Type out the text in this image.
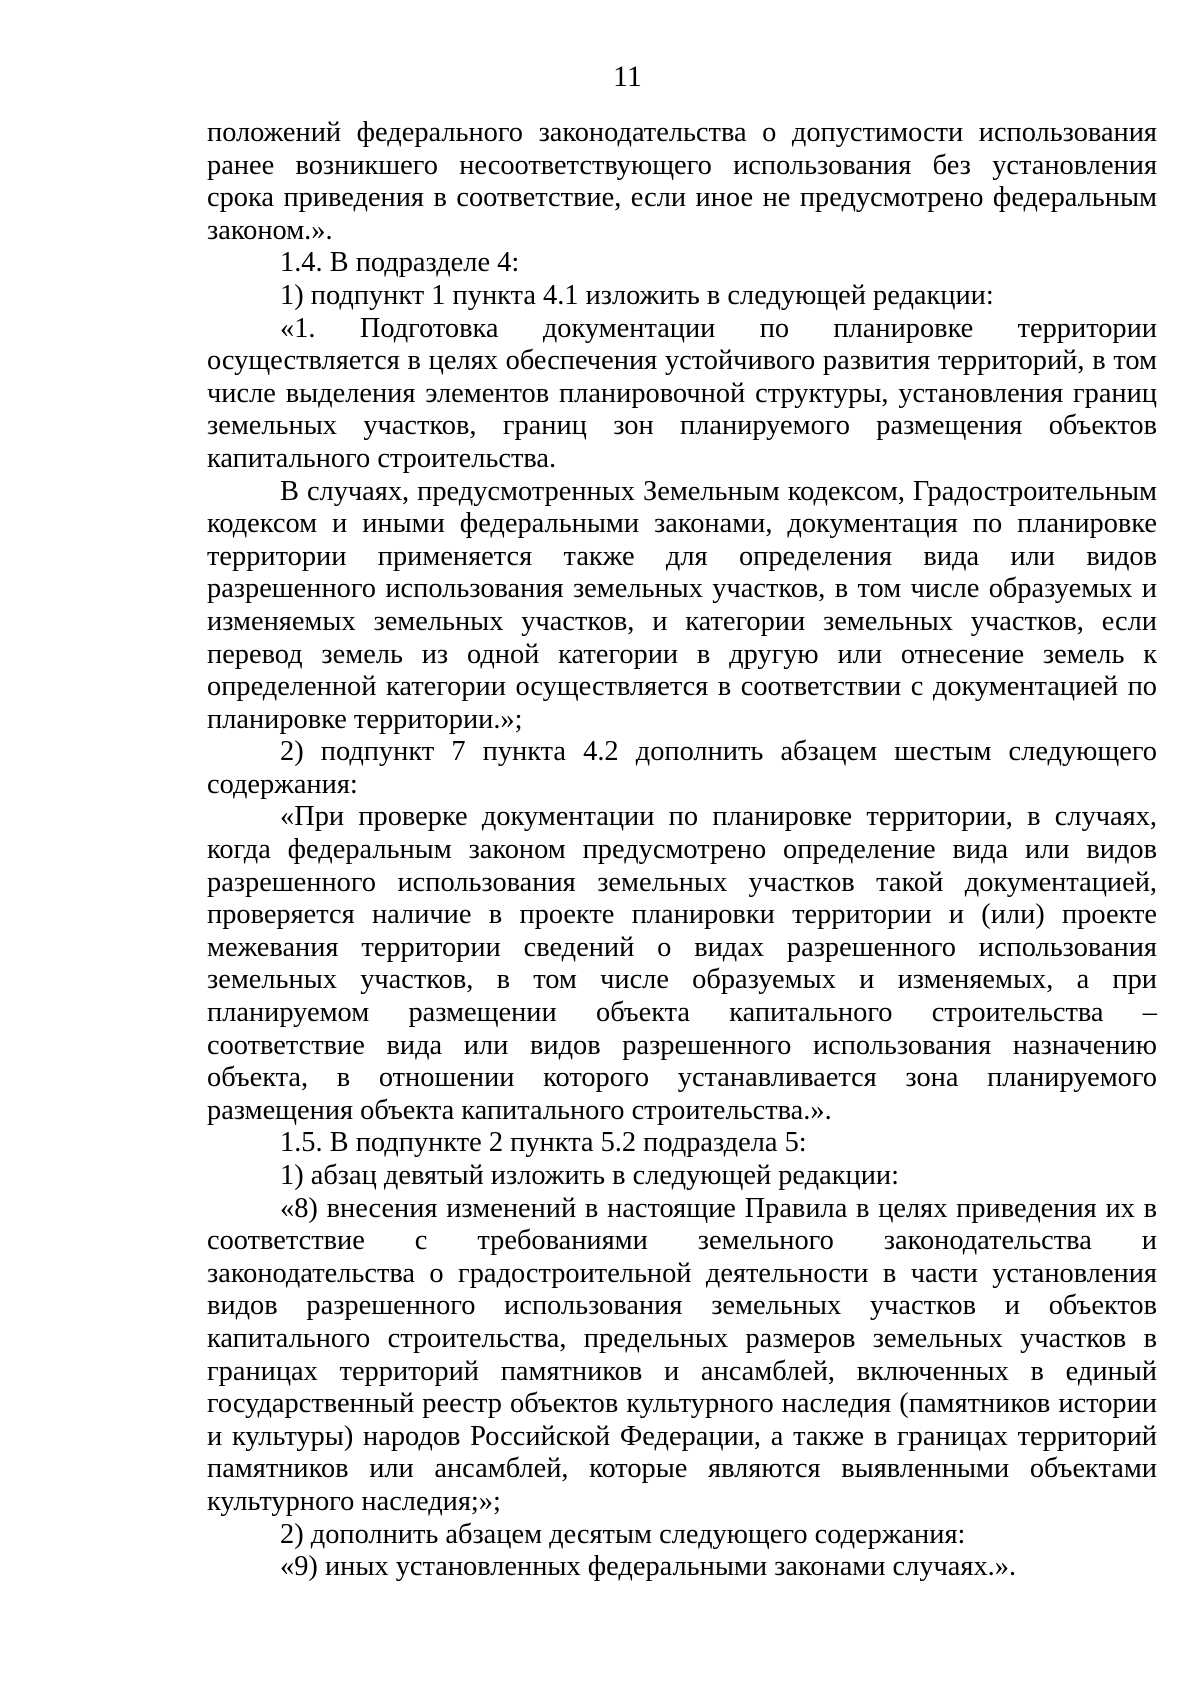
11

положений федерального законодательства о допустимости использования ранее возникшего несоответствующего использования без установления срока приведения в соответствие, если иное не предусмотрено федеральным законом.».

1.4. В подразделе 4:

1) подпункт 1 пункта 4.1 изложить в следующей редакции:

«1. Подготовка документации по планировке территории осуществляется в целях обеспечения устойчивого развития территорий, в том числе выделения элементов планировочной структуры, установления границ земельных участков, границ зон планируемого размещения объектов капитального строительства.

В случаях, предусмотренных Земельным кодексом, Градостроительным кодексом и иными федеральными законами, документация по планировке территории применяется также для определения вида или видов разрешенного использования земельных участков, в том числе образуемых и изменяемых земельных участков, и категории земельных участков, если перевод земель из одной категории в другую или отнесение земель к определенной категории осуществляется в соответствии с документацией по планировке территории.»;

2) подпункт 7 пункта 4.2 дополнить абзацем шестым следующего содержания:

«При проверке документации по планировке территории, в случаях, когда федеральным законом предусмотрено определение вида или видов разрешенного использования земельных участков такой документацией, проверяется наличие в проекте планировки территории и (или) проекте межевания территории сведений о видах разрешенного использования земельных участков, в том числе образуемых и изменяемых, а при планируемом размещении объекта капитального строительства – соответствие вида или видов разрешенного использования назначению объекта, в отношении которого устанавливается зона планируемого размещения объекта капитального строительства.».

1.5. В подпункте 2 пункта 5.2 подраздела 5:

1) абзац девятый изложить в следующей редакции:

«8) внесения изменений в настоящие Правила в целях приведения их в соответствие с требованиями земельного законодательства и законодательства о градостроительной деятельности в части установления видов разрешенного использования земельных участков и объектов капитального строительства, предельных размеров земельных участков в границах территорий памятников и ансамблей, включенных в единый государственный реестр объектов культурного наследия (памятников истории и культуры) народов Российской Федерации, а также в границах территорий памятников или ансамблей, которые являются выявленными объектами культурного наследия;»;

2) дополнить абзацем десятым следующего содержания:

«9) иных установленных федеральными законами случаях.».
